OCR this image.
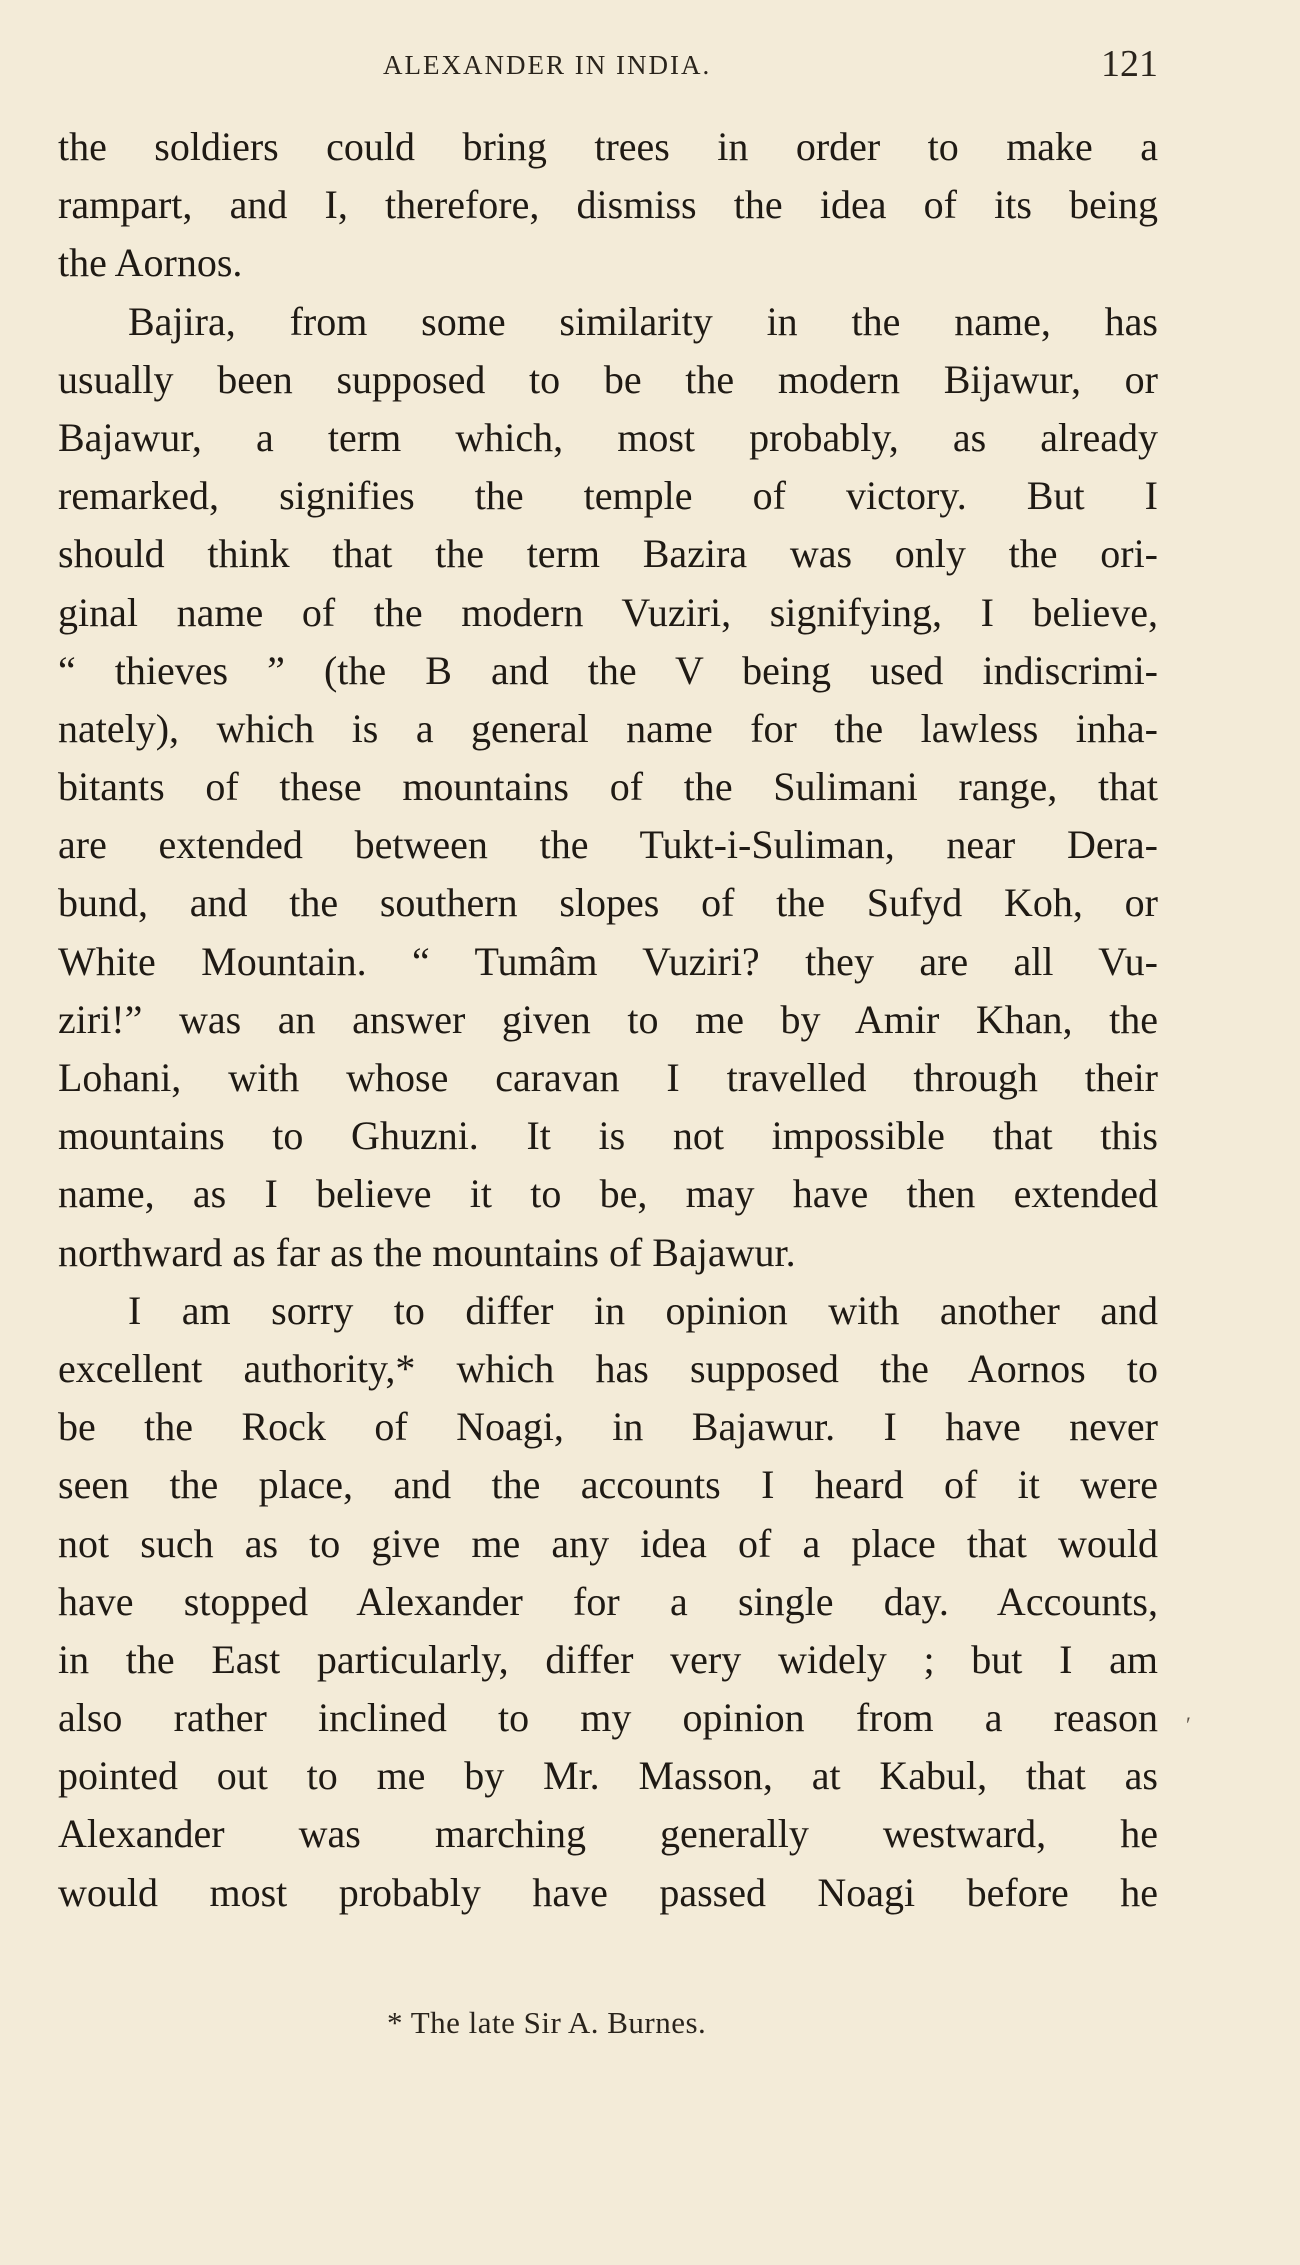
ALEXANDER IN INDIA.	121
the soldiers could bring trees in order to make a
rampart, and I, therefore, dismiss the idea of its being
the Aornos.
Bajira, from some similarity in the name, has
usually been supposed to be the modern Bijawur, or
Bajawur, a term which, most probably, as already
remarked, signifies the temple of victory. But I
should think that the term Bazira was only the ori-
ginal name of the modern Vuziri, signifying, I believe,
“ thieves ” (the B and the V being used indiscrimi-
nately), which is a general name for the lawless inha-
bitants of these mountains of the Sulimani range, that
are extended between the Tukt-i-Suliman, near Dera-
bund, and the southern slopes of the Sufyd Koh, or
White Mountain. “ Tumâm Vuziri? they are all Vu-
ziri!” was an answer given to me by Amir Khan, the
Lohani, with whose caravan I travelled through their
mountains to Ghuzni. It is not impossible that this
name, as I believe it to be, may have then extended
northward as far as the mountains of Bajawur.
I am sorry to differ in opinion with another and
excellent authority,* which has supposed the Aornos to
be the Rock of Noagi, in Bajawur. I have never
seen the place, and the accounts I heard of it were
not such as to give me any idea of a place that would
have stopped Alexander for a single day. Accounts,
in the East particularly, differ very widely ; but I am
also rather inclined to my opinion from a reason
pointed out to me by Mr. Masson, at Kabul, that as
Alexander was marching generally westward, he
would most probably have passed Noagi before he
′
* The late Sir A. Burnes.
